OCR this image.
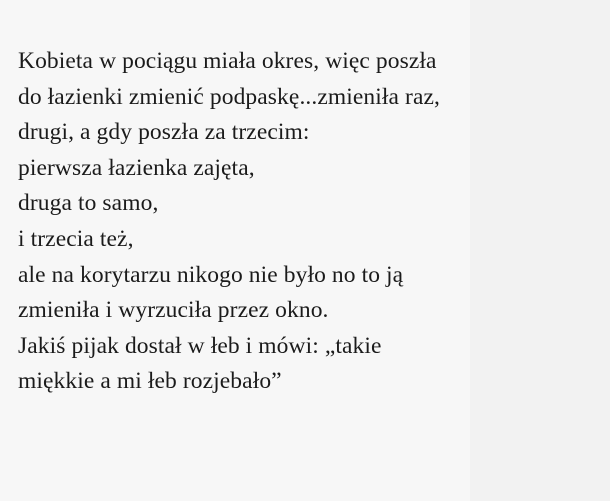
Kobieta w pociągu miała okres, więc poszła
do łazienki zmienić podpaskę...zmieniła raz,
drugi, a gdy poszła za trzecim:
pierwsza łazienka zajęta,
druga to samo,
i trzecia też,
ale na korytarzu nikogo nie było no to ją
zmieniła i wyrzuciła przez okno.
Jakiś pijak dostał w łeb i mówi: „takie
miękkie a mi łeb rozjebało”
